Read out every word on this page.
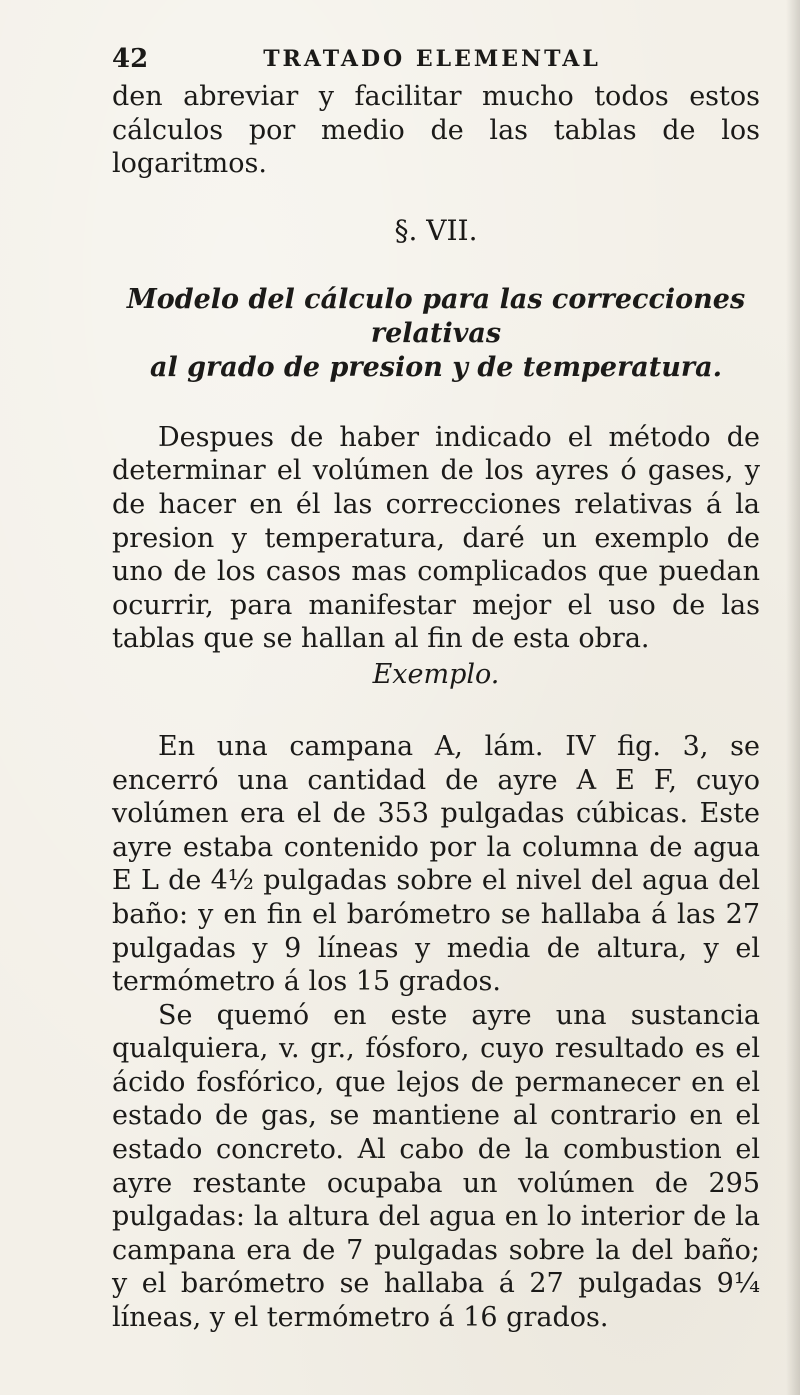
42	TRATADO ELEMENTAL

den abreviar y facilitar mucho todos estos cálculos por medio de las tablas de los logaritmos.

§. VII.
Modelo del cálculo para las correcciones relativas
al grado de presion y de temperatura.

Despues de haber indicado el método de determinar el volúmen de los ayres ó gases, y de hacer en él las correcciones relativas á la presion y temperatura, daré un exemplo de uno de los casos mas complicados que puedan ocurrir, para manifestar mejor el uso de las tablas que se hallan al fin de esta obra.

Exemplo.

En una campana A, lám. IV fig. 3, se encerró una cantidad de ayre A E F, cuyo volúmen era el de 353 pulgadas cúbicas. Este ayre estaba contenido por la columna de agua E L de 4½ pulgadas sobre el nivel del agua del baño: y en fin el barómetro se hallaba á las 27 pulgadas y 9 líneas y media de altura, y el termómetro á los 15 grados.

Se quemó en este ayre una sustancia qualquiera, v. gr., fósforo, cuyo resultado es el ácido fosfórico, que lejos de permanecer en el estado de gas, se mantiene al contrario en el estado concreto. Al cabo de la combustion el ayre restante ocupaba un volúmen de 295 pulgadas: la altura del agua en lo interior de la campana era de 7 pulgadas sobre la del baño; y el barómetro se hallaba á 27 pulgadas 9¼ líneas, y el termómetro á 16 grados.
